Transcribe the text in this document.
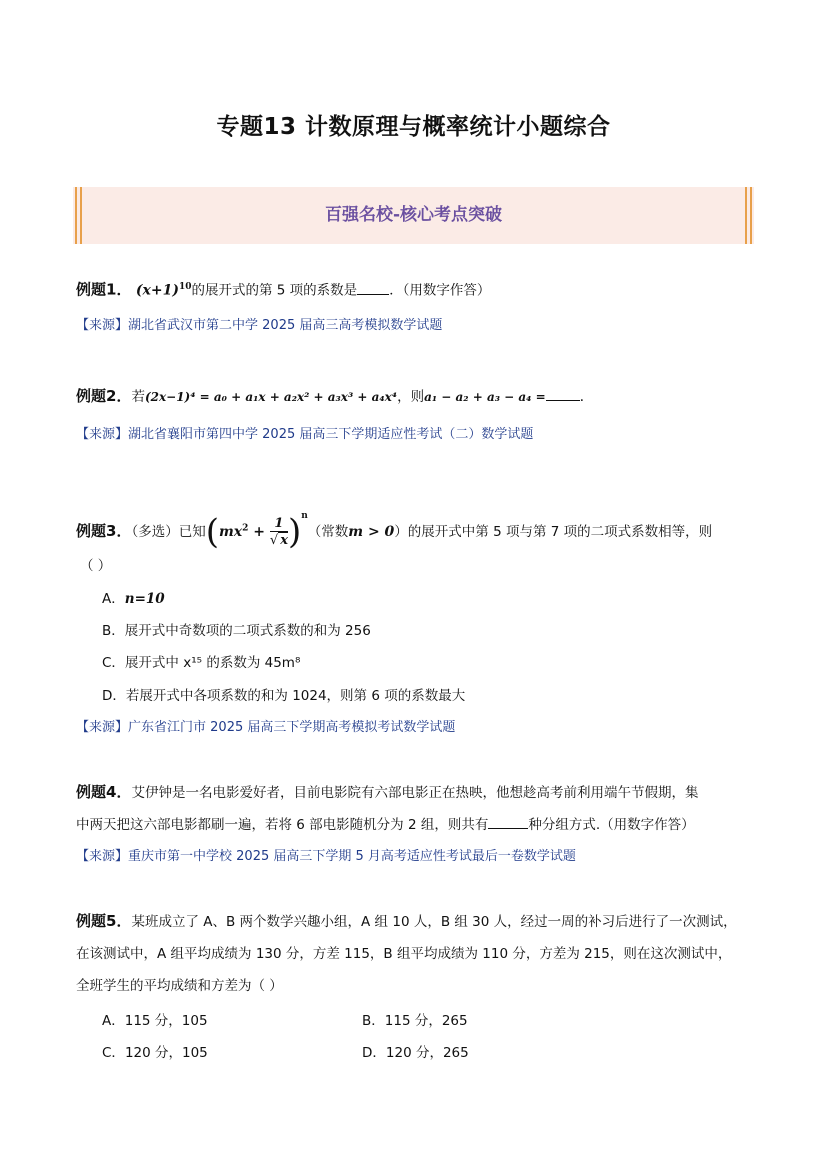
专题13 计数原理与概率统计小题综合
百强名校-核心考点突破
例题1． $(x+1)^{10}$的展开式的第 5 项的系数是 ．（用数字作答）
【来源】湖北省武汉市第二中学 2025 届高三高考模拟数学试题
例题2．若(2x−1)⁴ = a₀ + a₁x + a₂x² + a₃x³ + a₄x⁴，则a₁ − a₂ + a₃ − a₄ = .
【来源】湖北省襄阳市第四中学 2025 届高三下学期适应性考试（二）数学试题
例题3．（多选）已知$(mx^2 + \frac{1}{√ x} )^n$（常数m > 0）的展开式中第 5 项与第 7 项的二项式系数相等，则
（ ）
A．n=10
B．展开式中奇数项的二项式系数的和为 256
C．展开式中 x¹⁵ 的系数为 45m⁸
D．若展开式中各项系数的和为 1024，则第 6 项的系数最大
【来源】广东省江门市 2025 届高三下学期高考模拟考试数学试题
例题4．艾伊钟是一名电影爱好者，目前电影院有六部电影正在热映，他想趁高考前利用端午节假期，集
中两天把这六部电影都刷一遍，若将 6 部电影随机分为 2 组，则共有	种分组方式.（用数字作答）
【来源】重庆市第一中学校 2025 届高三下学期 5 月高考适应性考试最后一卷数学试题
例题5．某班成立了 A、B 两个数学兴趣小组，A 组 10 人，B 组 30 人，经过一周的补习后进行了一次测试，
在该测试中，A 组平均成绩为 130 分，方差 115，B 组平均成绩为 110 分，方差为 215，则在这次测试中，
全班学生的平均成绩和方差为（ ）
A．115 分，105	B．115 分，265
C．120 分，105	D．120 分，265
